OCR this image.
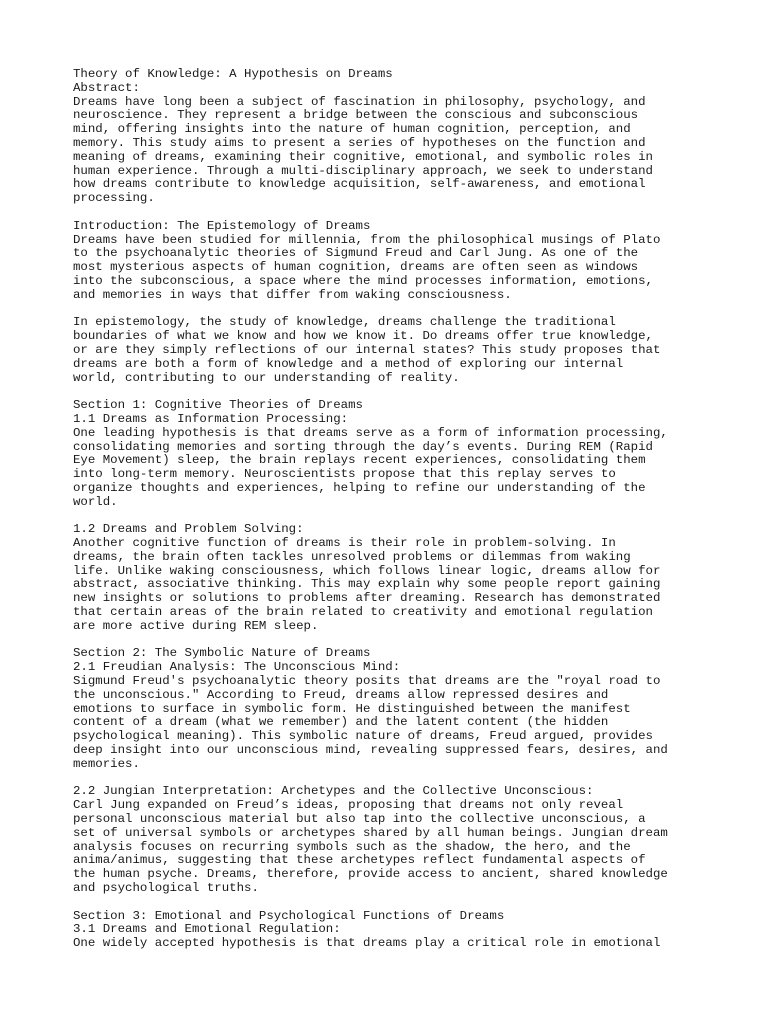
Theory of Knowledge: A Hypothesis on Dreams
Abstract:
Dreams have long been a subject of fascination in philosophy, psychology, and
neuroscience. They represent a bridge between the conscious and subconscious
mind, offering insights into the nature of human cognition, perception, and
memory. This study aims to present a series of hypotheses on the function and
meaning of dreams, examining their cognitive, emotional, and symbolic roles in
human experience. Through a multi-disciplinary approach, we seek to understand
how dreams contribute to knowledge acquisition, self-awareness, and emotional
processing.
Introduction: The Epistemology of Dreams
Dreams have been studied for millennia, from the philosophical musings of Plato
to the psychoanalytic theories of Sigmund Freud and Carl Jung. As one of the
most mysterious aspects of human cognition, dreams are often seen as windows
into the subconscious, a space where the mind processes information, emotions,
and memories in ways that differ from waking consciousness.
In epistemology, the study of knowledge, dreams challenge the traditional
boundaries of what we know and how we know it. Do dreams offer true knowledge,
or are they simply reflections of our internal states? This study proposes that
dreams are both a form of knowledge and a method of exploring our internal
world, contributing to our understanding of reality.
Section 1: Cognitive Theories of Dreams
1.1 Dreams as Information Processing:
One leading hypothesis is that dreams serve as a form of information processing,
consolidating memories and sorting through the day’s events. During REM (Rapid
Eye Movement) sleep, the brain replays recent experiences, consolidating them
into long-term memory. Neuroscientists propose that this replay serves to
organize thoughts and experiences, helping to refine our understanding of the
world.
1.2 Dreams and Problem Solving:
Another cognitive function of dreams is their role in problem-solving. In
dreams, the brain often tackles unresolved problems or dilemmas from waking
life. Unlike waking consciousness, which follows linear logic, dreams allow for
abstract, associative thinking. This may explain why some people report gaining
new insights or solutions to problems after dreaming. Research has demonstrated
that certain areas of the brain related to creativity and emotional regulation
are more active during REM sleep.
Section 2: The Symbolic Nature of Dreams
2.1 Freudian Analysis: The Unconscious Mind:
Sigmund Freud's psychoanalytic theory posits that dreams are the "royal road to
the unconscious." According to Freud, dreams allow repressed desires and
emotions to surface in symbolic form. He distinguished between the manifest
content of a dream (what we remember) and the latent content (the hidden
psychological meaning). This symbolic nature of dreams, Freud argued, provides
deep insight into our unconscious mind, revealing suppressed fears, desires, and
memories.
2.2 Jungian Interpretation: Archetypes and the Collective Unconscious:
Carl Jung expanded on Freud’s ideas, proposing that dreams not only reveal
personal unconscious material but also tap into the collective unconscious, a
set of universal symbols or archetypes shared by all human beings. Jungian dream
analysis focuses on recurring symbols such as the shadow, the hero, and the
anima/animus, suggesting that these archetypes reflect fundamental aspects of
the human psyche. Dreams, therefore, provide access to ancient, shared knowledge
and psychological truths.
Section 3: Emotional and Psychological Functions of Dreams
3.1 Dreams and Emotional Regulation:
One widely accepted hypothesis is that dreams play a critical role in emotional
